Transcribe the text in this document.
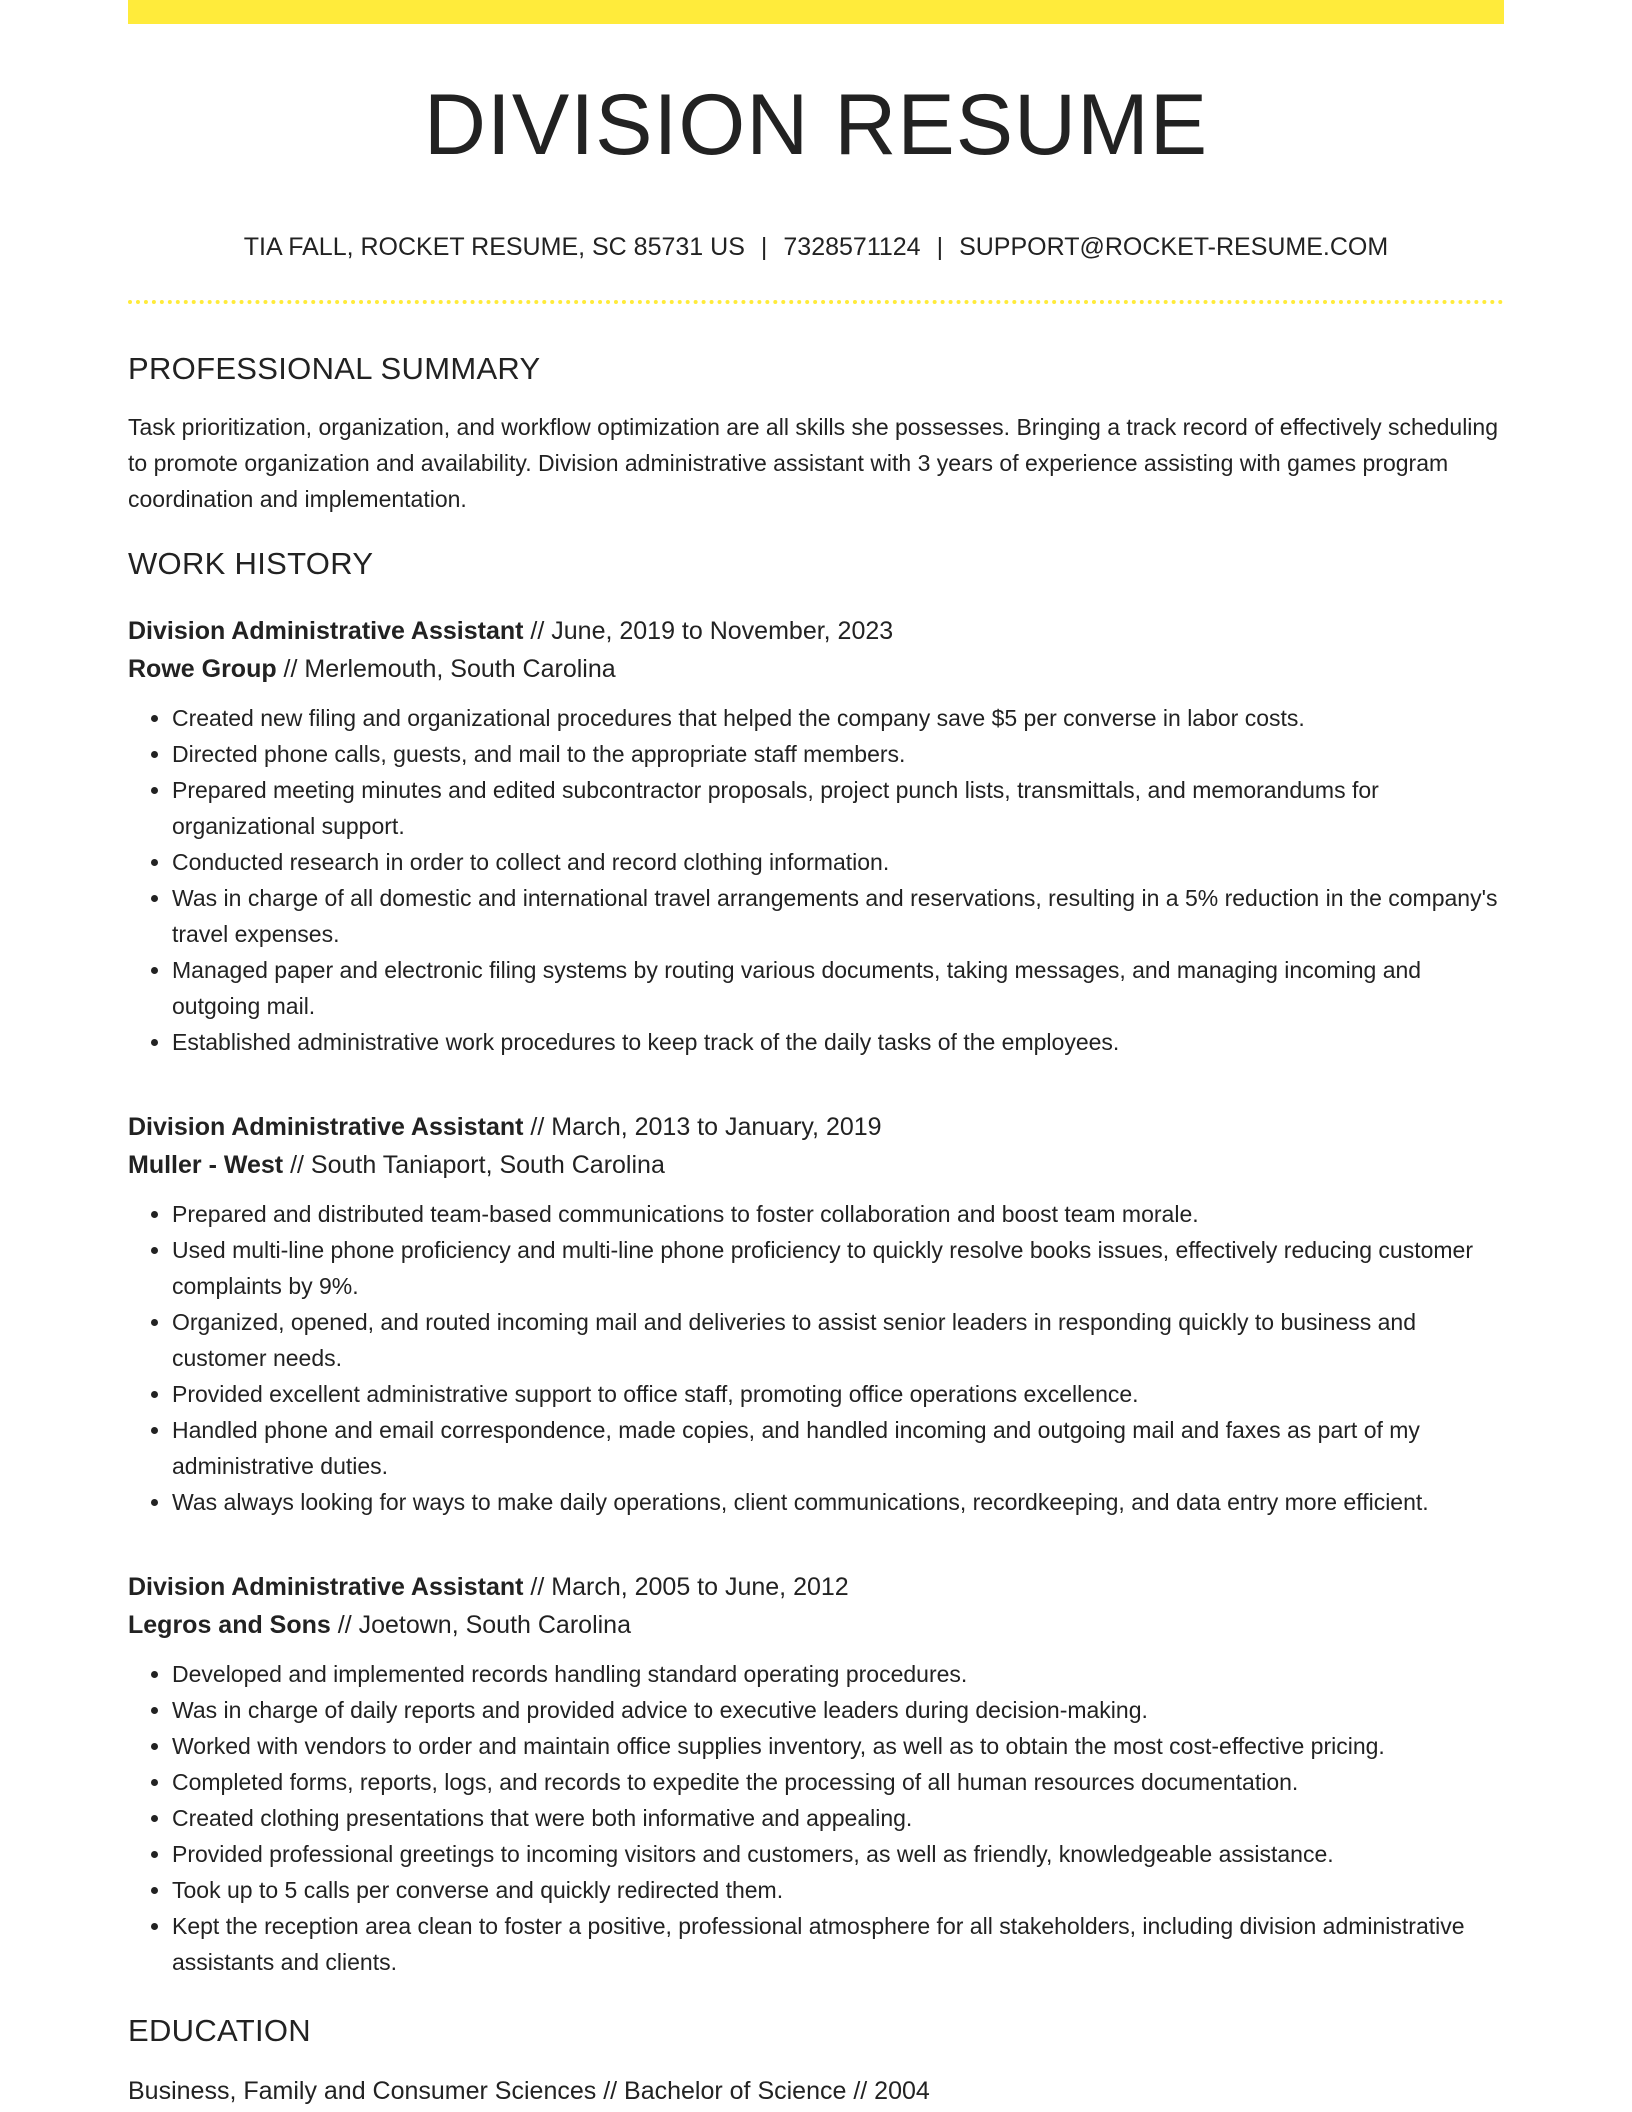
DIVISION RESUME
TIA FALL, ROCKET RESUME, SC 85731 US | 7328571124 | SUPPORT@ROCKET-RESUME.COM
PROFESSIONAL SUMMARY

Task prioritization, organization, and workflow optimization are all skills she possesses. Bringing a track record of effectively scheduling to promote organization and availability. Division administrative assistant with 3 years of experience assisting with games program coordination and implementation.

WORK HISTORY
Division Administrative Assistant // June, 2019 to November, 2023
Rowe Group // Merlemouth, South Carolina
• Created new filing and organizational procedures that helped the company save $5 per converse in labor costs.
• Directed phone calls, guests, and mail to the appropriate staff members.
• Prepared meeting minutes and edited subcontractor proposals, project punch lists, transmittals, and memorandums for organizational support.
• Conducted research in order to collect and record clothing information.
• Was in charge of all domestic and international travel arrangements and reservations, resulting in a 5% reduction in the company's travel expenses.
• Managed paper and electronic filing systems by routing various documents, taking messages, and managing incoming and outgoing mail.
• Established administrative work procedures to keep track of the daily tasks of the employees.
Division Administrative Assistant // March, 2013 to January, 2019
Muller - West // South Taniaport, South Carolina
• Prepared and distributed team-based communications to foster collaboration and boost team morale.
• Used multi-line phone proficiency and multi-line phone proficiency to quickly resolve books issues, effectively reducing customer complaints by 9%.
• Organized, opened, and routed incoming mail and deliveries to assist senior leaders in responding quickly to business and customer needs.
• Provided excellent administrative support to office staff, promoting office operations excellence.
• Handled phone and email correspondence, made copies, and handled incoming and outgoing mail and faxes as part of my administrative duties.
• Was always looking for ways to make daily operations, client communications, recordkeeping, and data entry more efficient.
Division Administrative Assistant // March, 2005 to June, 2012
Legros and Sons // Joetown, South Carolina
• Developed and implemented records handling standard operating procedures.
• Was in charge of daily reports and provided advice to executive leaders during decision-making.
• Worked with vendors to order and maintain office supplies inventory, as well as to obtain the most cost-effective pricing.
• Completed forms, reports, logs, and records to expedite the processing of all human resources documentation.
• Created clothing presentations that were both informative and appealing.
• Provided professional greetings to incoming visitors and customers, as well as friendly, knowledgeable assistance.
• Took up to 5 calls per converse and quickly redirected them.
• Kept the reception area clean to foster a positive, professional atmosphere for all stakeholders, including division administrative assistants and clients.
EDUCATION
Business, Family and Consumer Sciences // Bachelor of Science // 2004
